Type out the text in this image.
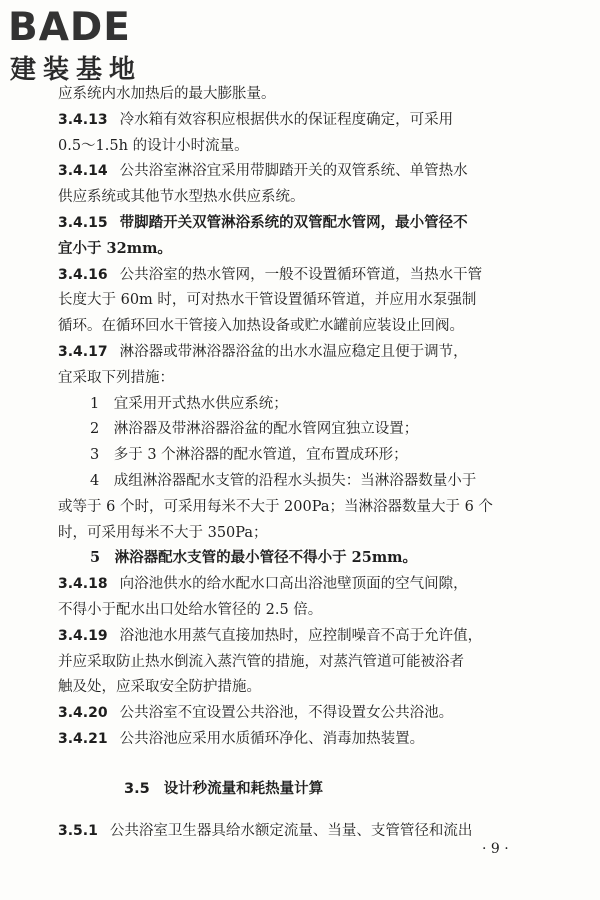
BADE
建装基地
应系统内水加热后的最大膨胀量。
3.4.13 冷水箱有效容积应根据供水的保证程度确定，可采用
0.5～1.5h 的设计小时流量。
3.4.14 公共浴室淋浴宜采用带脚踏开关的双管系统、单管热水
供应系统或其他节水型热水供应系统。
3.4.15 带脚踏开关双管淋浴系统的双管配水管网，最小管径不
宜小于 32mm。
3.4.16 公共浴室的热水管网，一般不设置循环管道，当热水干管
长度大于 60m 时，可对热水干管设置循环管道，并应用水泵强制
循环。在循环回水干管接入加热设备或贮水罐前应装设止回阀。
3.4.17 淋浴器或带淋浴器浴盆的出水水温应稳定且便于调节，
宜采取下列措施：
1　宜采用开式热水供应系统；
2　淋浴器及带淋浴器浴盆的配水管网宜独立设置；
3　多于 3 个淋浴器的配水管道，宜布置成环形；
4　成组淋浴器配水支管的沿程水头损失：当淋浴器数量小于
或等于 6 个时，可采用每米不大于 200Pa；当淋浴器数量大于 6 个
时，可采用每米不大于 350Pa；
5　淋浴器配水支管的最小管径不得小于 25mm。
3.4.18 向浴池供水的给水配水口高出浴池壁顶面的空气间隙，
不得小于配水出口处给水管径的 2.5 倍。
3.4.19 浴池池水用蒸气直接加热时，应控制噪音不高于允许值，
并应采取防止热水倒流入蒸汽管的措施，对蒸汽管道可能被浴者
触及处，应采取安全防护措施。
3.4.20 公共浴室不宜设置公共浴池，不得设置女公共浴池。
3.4.21 公共浴池应采用水质循环净化、消毒加热装置。
3.5 设计秒流量和耗热量计算
3.5.1 公共浴室卫生器具给水额定流量、当量、支管管径和流出
· 9 ·
